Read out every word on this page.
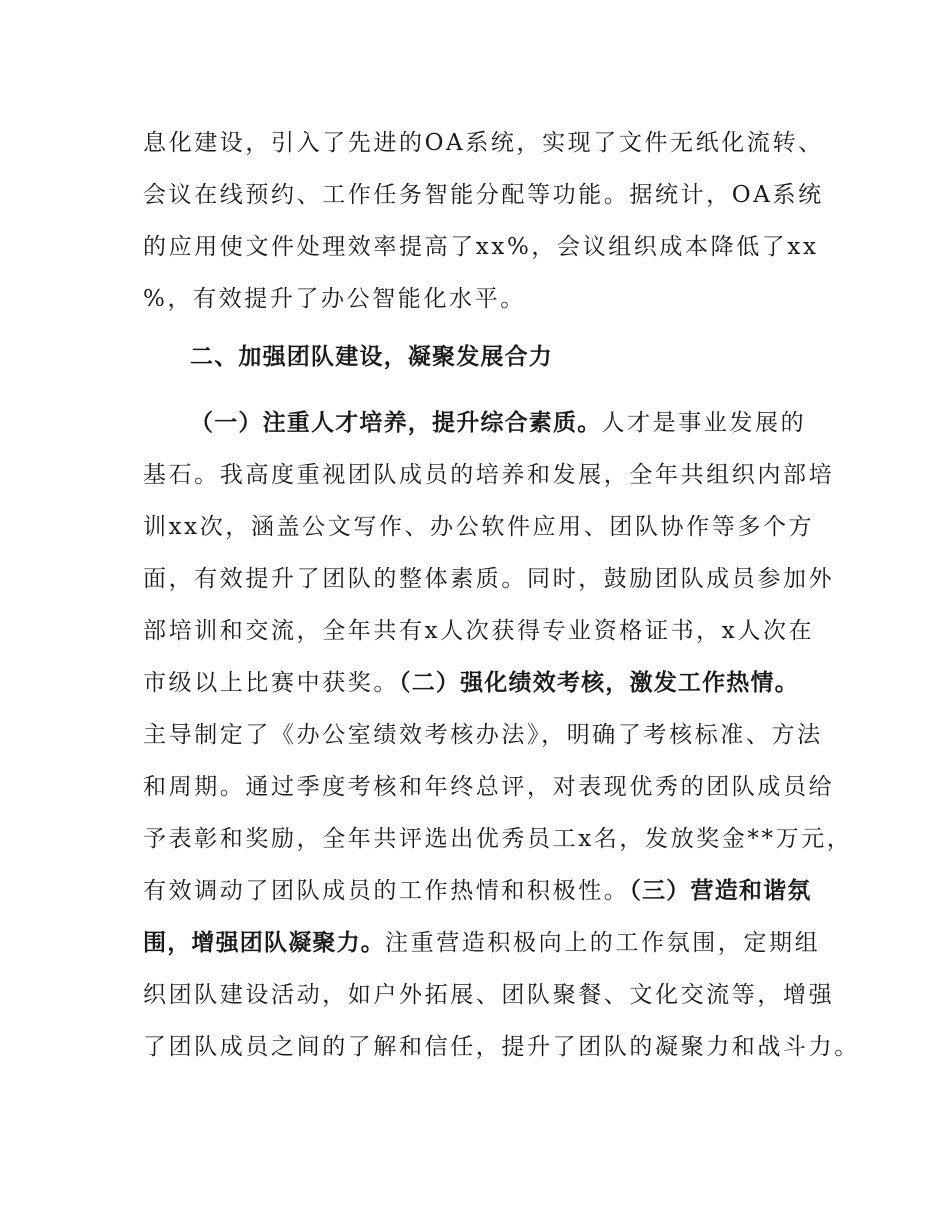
息化建设，引入了先进的OA系统，实现了文件无纸化流转、
会议在线预约、工作任务智能分配等功能。据统计，OA系统
的应用使文件处理效率提高了xx%，会议组织成本降低了xx
%，有效提升了办公智能化水平。
二、加强团队建设，凝聚发展合力
（一）注重人才培养，提升综合素质。人才是事业发展的
基石。我高度重视团队成员的培养和发展，全年共组织内部培
训xx次，涵盖公文写作、办公软件应用、团队协作等多个方
面，有效提升了团队的整体素质。同时，鼓励团队成员参加外
部培训和交流，全年共有x人次获得专业资格证书，x人次在
市级以上比赛中获奖。（二）强化绩效考核，激发工作热情。
主导制定了《办公室绩效考核办法》，明确了考核标准、方法
和周期。通过季度考核和年终总评，对表现优秀的团队成员给
予表彰和奖励，全年共评选出优秀员工x名，发放奖金**万元，
有效调动了团队成员的工作热情和积极性。（三）营造和谐氛
围，增强团队凝聚力。注重营造积极向上的工作氛围，定期组
织团队建设活动，如户外拓展、团队聚餐、文化交流等，增强
了团队成员之间的了解和信任，提升了团队的凝聚力和战斗力。
